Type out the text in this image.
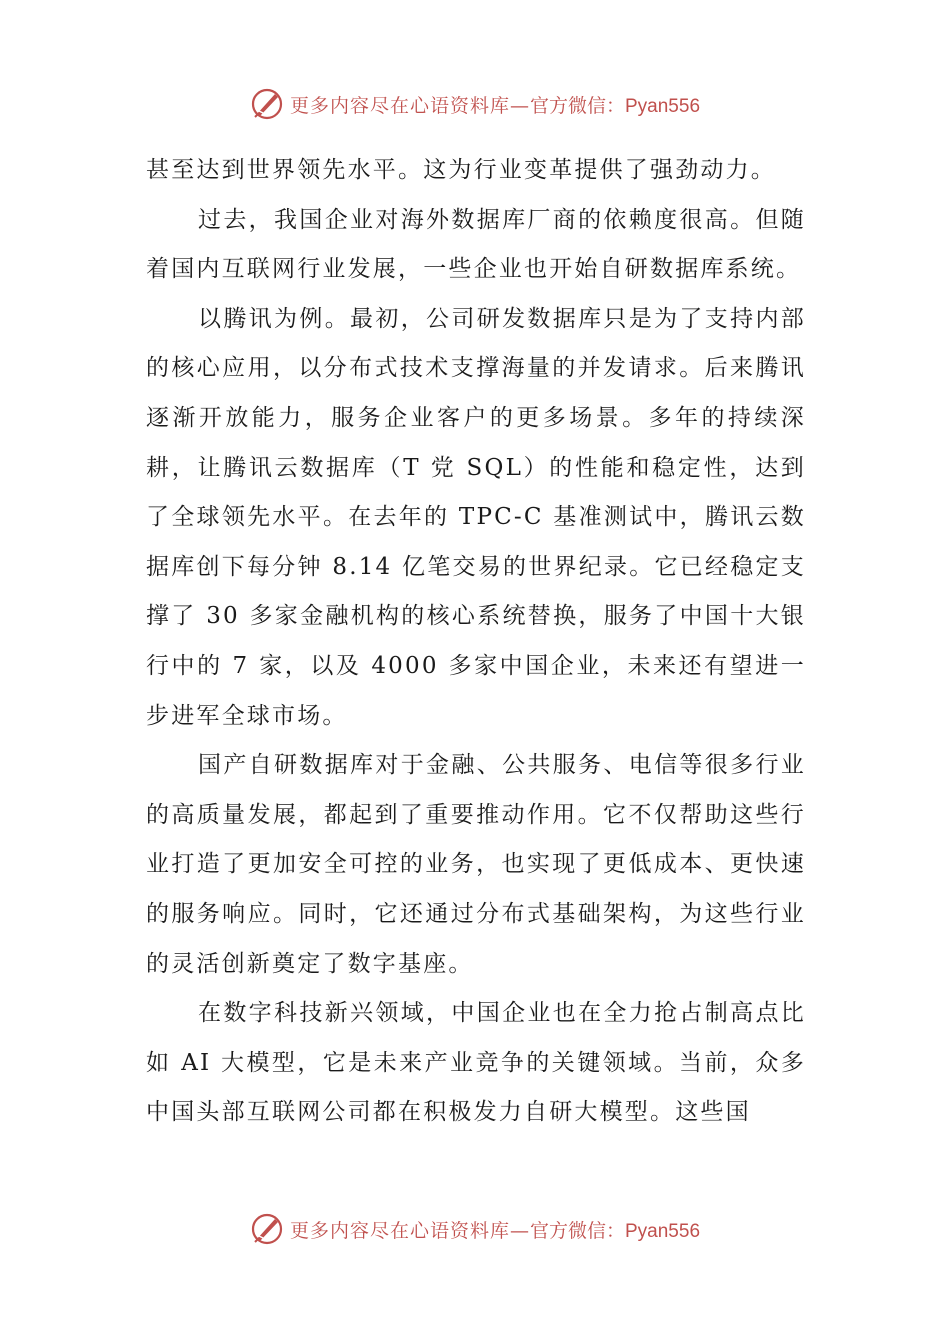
更多内容尽在心语资料库—官方微信：Pyan556

甚至达到世界领先水平。这为行业变革提供了强劲动力。

过去，我国企业对海外数据库厂商的依赖度很高。但随着国内互联网行业发展，一些企业也开始自研数据库系统。

以腾讯为例。最初，公司研发数据库只是为了支持内部的核心应用，以分布式技术支撑海量的并发请求。后来腾讯逐渐开放能力，服务企业客户的更多场景。多年的持续深耕，让腾讯云数据库（T 党 SQL）的性能和稳定性，达到了全球领先水平。在去年的 TPC-C 基准测试中，腾讯云数据库创下每分钟 8.14 亿笔交易的世界纪录。它已经稳定支撑了 30 多家金融机构的核心系统替换，服务了中国十大银行中的 7 家，以及 4000 多家中国企业，未来还有望进一步进军全球市场。

国产自研数据库对于金融、公共服务、电信等很多行业的高质量发展，都起到了重要推动作用。它不仅帮助这些行业打造了更加安全可控的业务，也实现了更低成本、更快速的服务响应。同时，它还通过分布式基础架构，为这些行业的灵活创新奠定了数字基座。

在数字科技新兴领域，中国企业也在全力抢占制高点比如 AI 大模型，它是未来产业竞争的关键领域。当前，众多中国头部互联网公司都在积极发力自研大模型。这些国

更多内容尽在心语资料库—官方微信：Pyan556
